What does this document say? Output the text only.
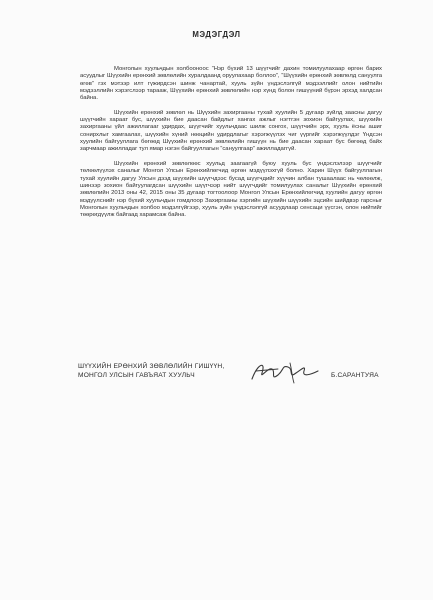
МЭДЭГДЭЛ

Монголын хуульчдын холбооноос “Нэр бүхий 13 шүүгчийг дахин томилуулахаар өргөн барих асуудлыг Шүүхийн ерөнхий зөвлөлийн хуралдаанд оруулахаар боллоо”, “Шүүхийн ерөнхий зөвлөлд сануулга өгөв” гэх мэтээр илт гүжирдсэн шинж чанартай, хууль зүйн үндэслэлгүй мэдээллийг олон нийтийн мэдээллийн хэрэгслээр тарааж, Шүүхийн ерөнхий зөвлөлийн нэр хүнд болон гишүүний бүрэн эрхэд халдсан байна.

Шүүхийн ерөнхий зөвлөл нь Шүүхийн захиргааны тухай хуулийн 5 дугаар зүйлд заасны дагуу шүүгчийн хараат бус, шүүхийн бие даасан байдлыг хангах ажлыг нэгтгэн зохион байгуулах, шүүхийн захиргааны үйл ажиллагааг удирдах, шүүгчийг хуульчдаас шилж сонгох, шүүгчийн эрх, хууль ёсны ашиг сонирхлыг хамгаалах, шүүхийн хүний нөөцийн удирдлагыг хэрэгжүүлэх чиг үүргийг хэрэгжүүлдэг Үндсэн хуулийн байгууллага бөгөөд Шүүхийн ерөнхий зөвлөлийн гишүүн нь бие даасан хараат бус бөгөөд байх зарчмаар ажилладаг тул ямар нэгэн байгууллагын “сануулгаар” ажилладаггүй.

Шүүхийн ерөнхий зөвлөлөөс хуульд заагаагүй буюу хууль бус үндэслэлээр шүүгчийг төлөөлүүлэх саналыг Монгол Улсын Ерөнхийлөгчид өргөн мэдүүлэхгүй болно. Харин Шүүх байгууллагын тухай хуулийн дагуу Улсын дээд шүүхийн шүүгчдээс бусад шүүгчдийг хүүчин албан тушаалаас нь чөлөөлж, шинээр зохион байгуулагдсан шүүхийн шүүгчээр нийт шүүгчдийг томилуулах саналыг Шүүхийн ерөнхий зөвлөлийн 2013 оны 42, 2015 оны 35 дугаар тогтоолоор Монгол Улсын Ерөнхийлөгчид хуулийн дагуу өргөн мэдүүлснийг нэр бүхий хуульчдын гомдлоор Захиргааны хэргийн шүүхийн шүүхийн эцсийн шийдвэр гарсныг Монголын хуульчдын холбоо мэдэлгүйгээр, хууль зүйн үндэслэлгүй асуудлаар сенсаци үүсгэн, олон нийтийг төөрөгдүүлж байгаад харамсаж байна.

ШҮҮХИЙН ЕРӨНХИЙ ЗӨВЛӨЛИЙН ГИШҮҮН,
МОНГОЛ УЛСЫН ГАВЪЯАТ ХУУЛЬЧ	Б.САРАНТУЯА
